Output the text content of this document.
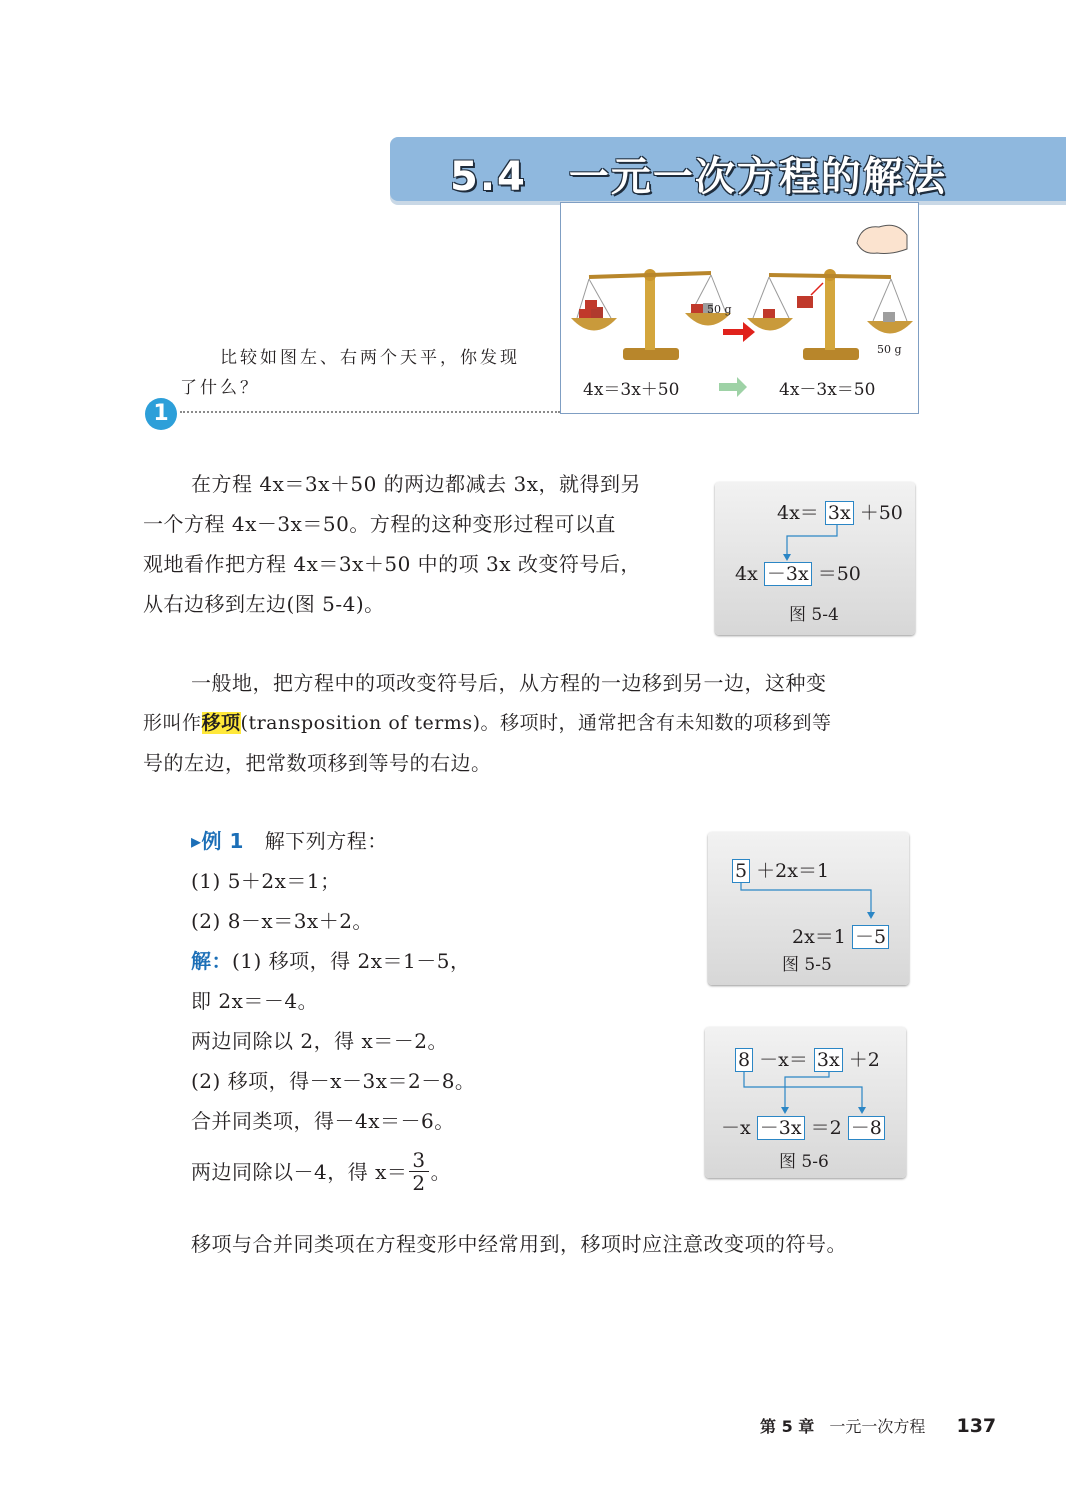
5.4　一元一次方程的解法
50 g
50 g
4x＝3x＋50	4x－3x＝50
比较如图左、右两个天平，你发现
了什么？
1
在方程 4x＝3x＋50 的两边都减去 3x，就得到另
一个方程 4x－3x＝50。方程的这种变形过程可以直
观地看作把方程 4x＝3x＋50 中的项 3x 改变符号后，
从右边移到左边(图 5-4)。
4x＝ 3x ＋50
4x －3x ＝50
图 5-4
一般地，把方程中的项改变符号后，从方程的一边移到另一边，这种变
形叫作移项(transposition of terms)。移项时，通常把含有未知数的项移到等
号的左边，把常数项移到等号的右边。
▸例 1 解下列方程：
(1) 5＋2x＝1；
(2) 8－x＝3x＋2。
解：(1) 移项，得 2x＝1－5，
即 2x＝－4。
两边同除以 2，得 x＝－2。
(2) 移项，得－x－3x＝2－8。
合并同类项，得－4x＝－6。
两边同除以－4，得 $x= \frac{3}{2}$ 。
5 ＋2x＝1
2x＝1 －5
图 5-5
8 －x＝ 3x ＋2
－x －3x ＝2 －8
图 5-6
移项与合并同类项在方程变形中经常用到，移项时应注意改变项的符号。
第 5 章 一元一次方程 137
